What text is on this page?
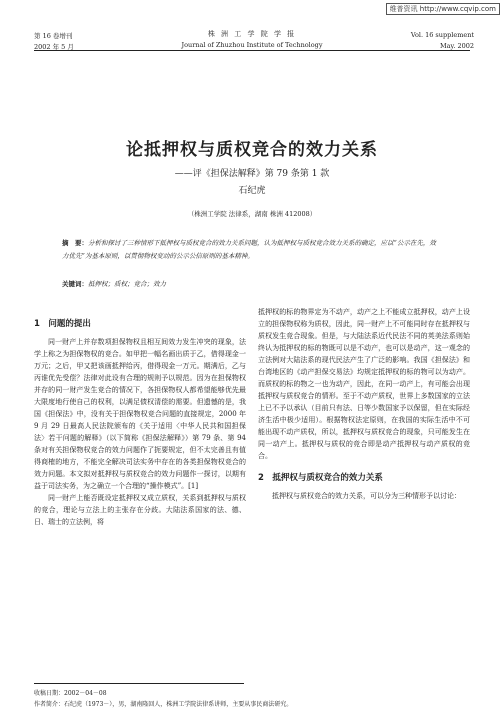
维普资讯 http://www.cqvip.com
第 16 卷增刊
2002 年 5 月
株 洲 工 学 院 学 报
Journal of Zhuzhou Institute of Technology
Vol. 16 supplement
May. 2002
论抵押权与质权竞合的效力关系
——评《担保法解释》第 79 条第 1 款
石纪虎
（株洲工学院 法律系，湖南 株洲 412008）
摘　要：分析和探讨了三种情形下抵押权与质权竞合的效力关系问题，认为抵押权与质权竞合效力关系的确定，应以“公示在先，效力优先”为基本原则，以贯彻物权变动的公示公信原则的基本精神。
关键词：抵押权；质权；竞合；效力
1　问题的提出

同一财产上并存数项担保物权且相互间效力发生冲突的现象，法学上称之为担保物权的竞合。如甲把一幅名画出质于乙，借得现金一万元；之后，甲又把该画抵押给丙，借得现金一万元。期满后，乙与丙谁优先受偿？法律对此设有合理的规则予以规范。因为在担保物权并存的同一财产发生竞合的情况下，各担保物权人都希望能够优先最大限度地行使自己的权利，以满足债权清偿的需要。但遗憾的是，我国《担保法》中，没有关于担保物权竞合问题的直接规定，2000 年 9 月 29 日最高人民法院颁布的《关于适用〈中华人民共和国担保法〉若干问题的解释》（以下简称《担保法解释》）第 79 条、第 94 条对有关担保物权竞合的效力问题作了扼要规定，但不太完善且有值得商榷的地方，不能完全解决司法实务中存在的各类担保物权竞合的效力问题。本文拟对抵押权与质权竞合的效力问题作一探讨，以期有益于司法实务，为之确立一个合理的“操作模式”。[1]

同一财产上能否既设定抵押权又成立质权，关系到抵押权与质权的竞合，理论与立法上的主张存在分歧。大陆法系国家的法、德、日、瑞士的立法例，将

抵押权的标的物界定为不动产，动产之上不能成立抵押权，动产上设立的担保物权称为质权，因此，同一财产上不可能同时存在抵押权与质权发生竞合现象。但是，与大陆法系近代民法不同的英美法系则始终认为抵押权的标的物既可以是不动产，也可以是动产，这一观念的立法例对大陆法系的现代民法产生了广泛的影响。我国《担保法》和台湾地区的《动产担保交易法》均规定抵押权的标的物可以为动产。而质权的标的物之一也为动产，因此，在同一动产上，有可能会出现抵押权与质权竞合的情形。至于不动产质权，世界上多数国家的立法上已不予以承认（目前只有法、日等少数国家予以保留，但在实际经济生活中极少适用）。根据物权法定原则，在我国的实际生活中不可能出现不动产质权，所以，抵押权与质权竞合的现象，只可能发生在同一动产上。抵押权与质权的竞合即是动产抵押权与动产质权的竞合。

2　抵押权与质权竞合的效力关系

抵押权与质权竞合的效力关系，可以分为三种情形予以讨论：

收稿日期：2002－04－08
作者简介：石纪虎（1973－），男，湖南隆回人，株洲工学院法律系讲师，主要从事民商法研究。
